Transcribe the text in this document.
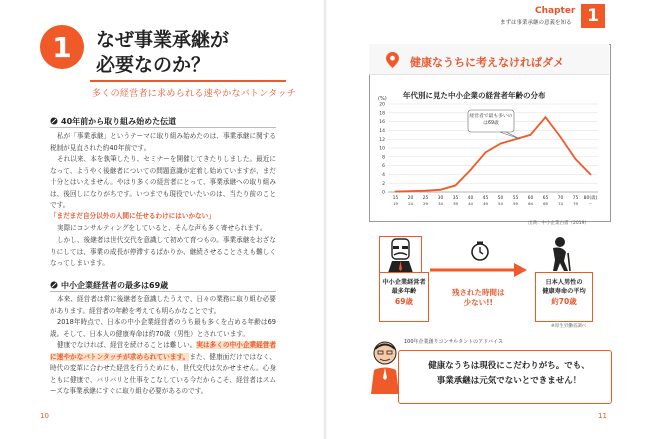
1	なぜ事業承継が
必要なのか？
多くの経営者に求められる速やかなバトンタッチ
40年前から取り組み始めた伝道
私が「事業承継」というテーマに取り組み始めたのは、事業承継に関する税制が見直された約40年前です。
それ以来、本を執筆したり、セミナーを開催してきたりしました。最近になって、ようやく後継者についての問題意識が定着し始めていますが、まだ十分とはいえません。やはり多くの経営者にとって、事業承継への取り組みは、後回しになりがちです。いつまでも現役でいたいのは、当たり前のことです。
「まだまだ自分以外の人間に任せるわけにはいかない」
実際にコンサルティングをしていると、そんな声も多く寄せられます。
しかし、後継者は世代交代を意識して初めて育つもの。事業承継をおざなりにしては、事業の成長が停滞するばかりか、継続させることさえも難しくなってしまいます。
中小企業経営者の最多は69歳
本来、経営者は常に後継者を意識したうえで、日々の業務に取り組む必要があります。経営者の年齢を考えても明らかなことです。
2018年時点で、日本の中小企業経営者のうち最も多くを占める年齢は69歳。そして、日本人の健康寿命は約70歳（男性）とされています。
健康でなければ、経営を続けることは難しい。実は多くの中小企業経営者に速やかなバトンタッチが求められています。また、健康面だけではなく、時代の変革に合わせた経営を行うためにも、世代交代は欠かせません。心身ともに健康で、バリバリと仕事をこなしている今だからこそ、経営者はスムーズな事業承継にすぐに取り組む必要があるのです。
10
Chapter
まずは事業承継の意義を知る 1
健康なうちに考えなければダメ
年代別に見た中小企業の経営者年齢の分布
(%)
0
2
4
6
8
10
12
14
16
18
20
15
19
20
24
25
29
30
34
35
39
40
44
45
49
50
54
55
59
60
64
65
69
70
74
75
79
80(歳)
~
経営者で最も多いのは69歳
出典：中小企業白書（2019）
中小企業経営者
最多年齢
69歳
残された時間は
少ない!!
日本人男性の
健康寿命の平均
約70歳
※厚生労働省調べ
100年企業創りコンサルタントのアドバイス
健康なうちは現役にこだわりがち。でも、
事業承継は元気でないとできません！
11
